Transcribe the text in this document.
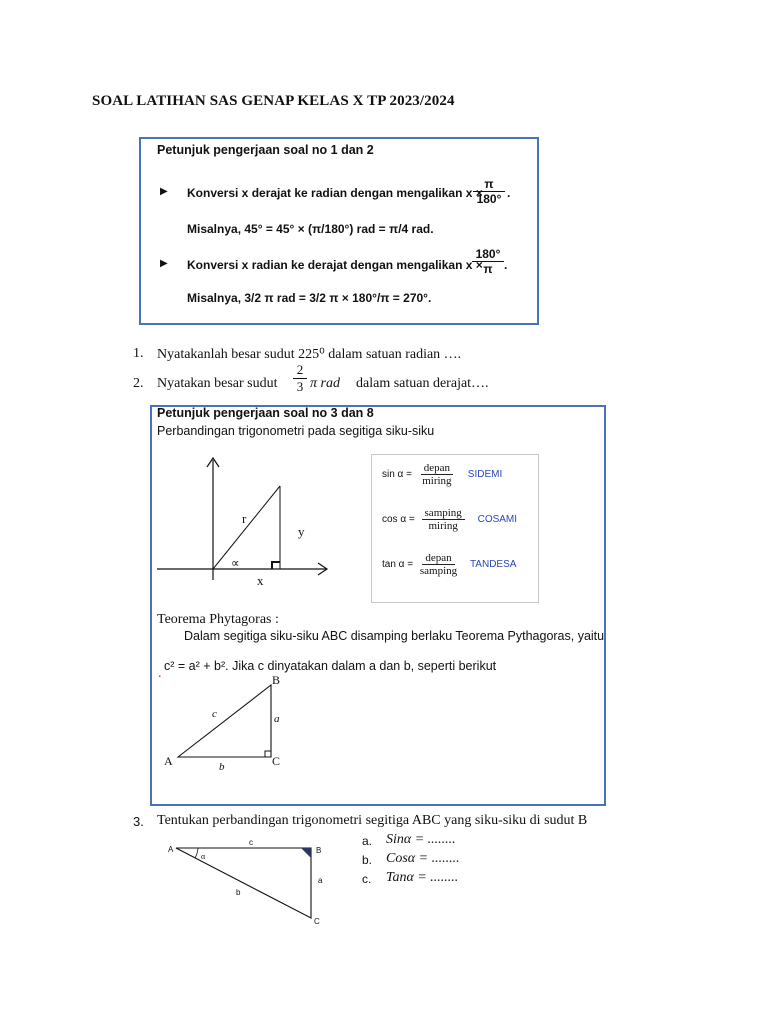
SOAL LATIHAN SAS GENAP KELAS X TP 2023/2024
Petunjuk pengerjaan soal no 1 dan 2
▶ Konversi x derajat ke radian dengan mengalikan x ×
$\frac{\pi}{180^\circ}$ .
Misalnya, 45° = 45° × (π/180°) rad = π/4 rad.
▶ Konversi x radian ke derajat dengan mengalikan x ×
$\frac{180^\circ}{\pi}$ .
Misalnya, 3/2 π rad = 3/2 π × 180°/π = 270°.
1. Nyatakanlah besar sudut 225⁰ dalam satuan radian ….
2. Nyatakan besar sudut $\frac{2}{3}$ π rad dalam satuan derajat….
Petunjuk pengerjaan soal no 3 dan 8
Perbandingan trigonometri pada segitiga siku-siku
r
y
x
∝
$\sin \alpha = \frac{\text{depan}}{\text{miring}}$ SIDEMI
$\cos \alpha = \frac{\text{samping}}{\text{miring}}$ COSAMI
$\tan \alpha = \frac{\text{depan}}{\text{samping}}$ TANDESA
Teorema Phytagoras :
Dalam segitiga siku-siku ABC disamping berlaku Teorema Pythagoras, yaitu
. c² = a² + b². Jika c dinyatakan dalam a dan b, seperti berikut
B
A	C
c	a
b
3. Tentukan perbandingan trigonometri segitiga ABC yang siku-siku di sudut B
A	B
C
c
a
b
α
a. Sinα = ........
b. Cosα = ........
c. Tanα = ........
